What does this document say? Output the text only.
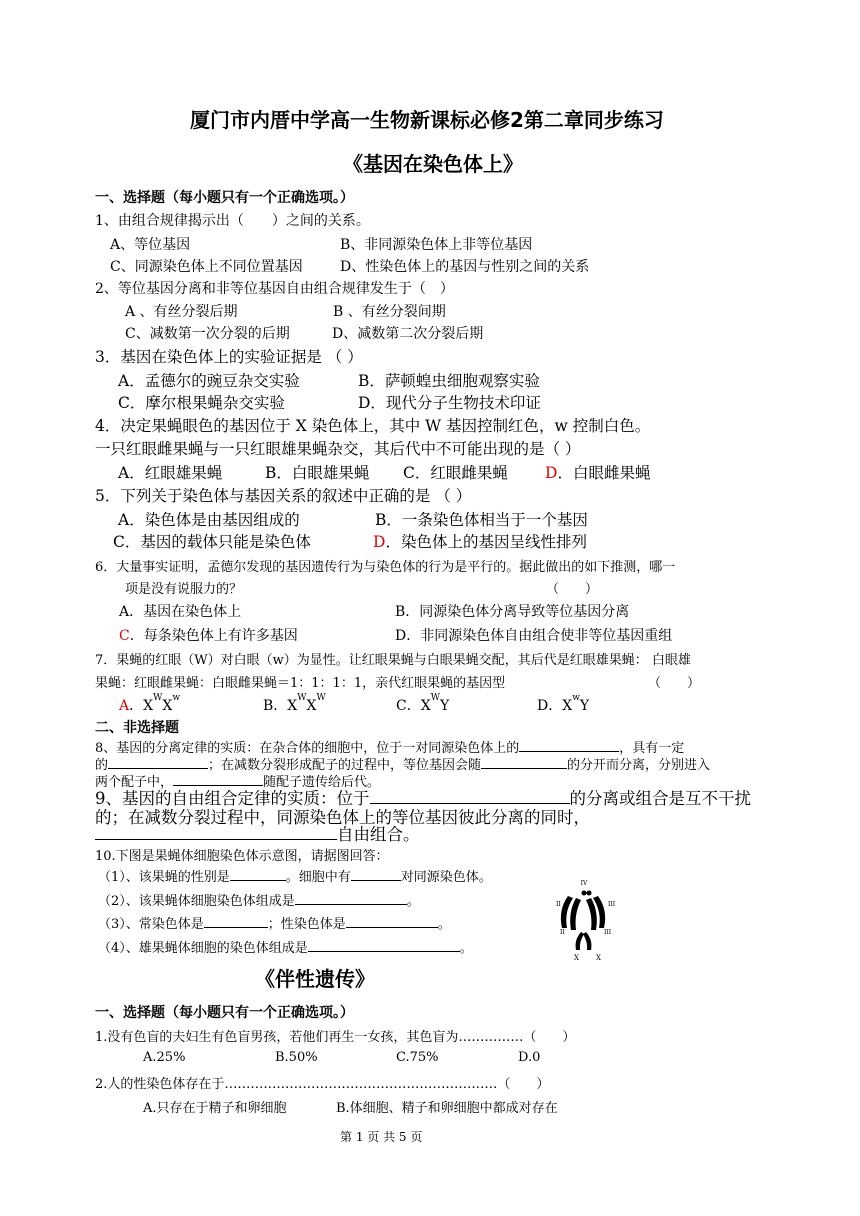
厦门市内厝中学高一生物新课标必修2第二章同步练习
《基因在染色体上》
一、选择题（每小题只有一个正确选项。）
1、由组合规律揭示出（　　）之间的关系。
A、等位基因	B、非同源染色体上非等位基因
C、同源染色体上不同位置基因	D、性染色体上的基因与性别之间的关系
2、等位基因分离和非等位基因自由组合规律发生于（　）
A 、有丝分裂后期	B 、有丝分裂间期
C、减数第一次分裂的后期	D、减数第二次分裂后期
3．基因在染色体上的实验证据是 （ ）
A．孟德尔的豌豆杂交实验	B．萨顿蝗虫细胞观察实验
C．摩尔根果蝇杂交实验	D．现代分子生物技术印证
4．决定果蝇眼色的基因位于 X 染色体上，其中 W 基因控制红色，w 控制白色。
一只红眼雌果蝇与一只红眼雄果蝇杂交，其后代中不可能出现的是（ ）
A．红眼雄果蝇	B．白眼雄果蝇 C．红眼雌果蝇 D．白眼雌果蝇
5．下列关于染色体与基因关系的叙述中正确的是 （ ）
A．染色体是由基因组成的	B．一条染色体相当于一个基因
C．基因的载体只能是染色体	D．染色体上的基因呈线性排列
6．大量事实证明，孟德尔发现的基因遗传行为与染色体的行为是平行的。据此做出的如下推测，哪一
项是没有说服力的？	（　　）
A．基因在染色体上	B．同源染色体分离导致等位基因分离
C．每条染色体上有许多基因	D．非同源染色体自由组合使非等位基因重组
7．果蝇的红眼（W）对白眼（w）为显性。让红眼果蝇与白眼果蝇交配，其后代是红眼雄果蝇： 白眼雄
果蝇：红眼雌果蝇：白眼雌果蝇＝1：1：1：1，亲代红眼果蝇的基因型	（　　）
A．$X^WX^w$	B．$X^WX^W$	C．$X^WY$	D．$X^wY$
二、非选择题
8、基因的分离定律的实质：在杂合体的细胞中，位于一对同源染色体上的	，具有一定
的	；在减数分裂形成配子的过程中，等位基因会随	的分开而分离，分别进入
两个配子中，	随配子遗传给后代。
9、基因的自由组合定律的实质：位于	的分离或组合是互不干扰
的；在减数分裂过程中，同源染色体上的等位基因彼此分离的同时，
自由组合。
10.下图是果蝇体细胞染色体示意图，请据图回答：
（1）、该果蝇的性别是	。细胞中有	对同源染色体。
（2）、该果蝇体细胞染色体组成是	。
（3）、常染色体是	；性染色体是	。
（4）、雄果蝇体细胞的染色体组成是	。
IV
II	III
II	III
X X
《伴性遗传》
一、选择题（每小题只有一个正确选项。）
1.没有色盲的夫妇生有色盲男孩，若他们再生一女孩，其色盲为……………（　　）
A.25%	B.50%	C.75%	D.0
2.人的性染色体存在于………………………………………………………（　　）
A.只存在于精子和卵细胞	B.体细胞、精子和卵细胞中都成对存在
第 1 页 共 5 页
